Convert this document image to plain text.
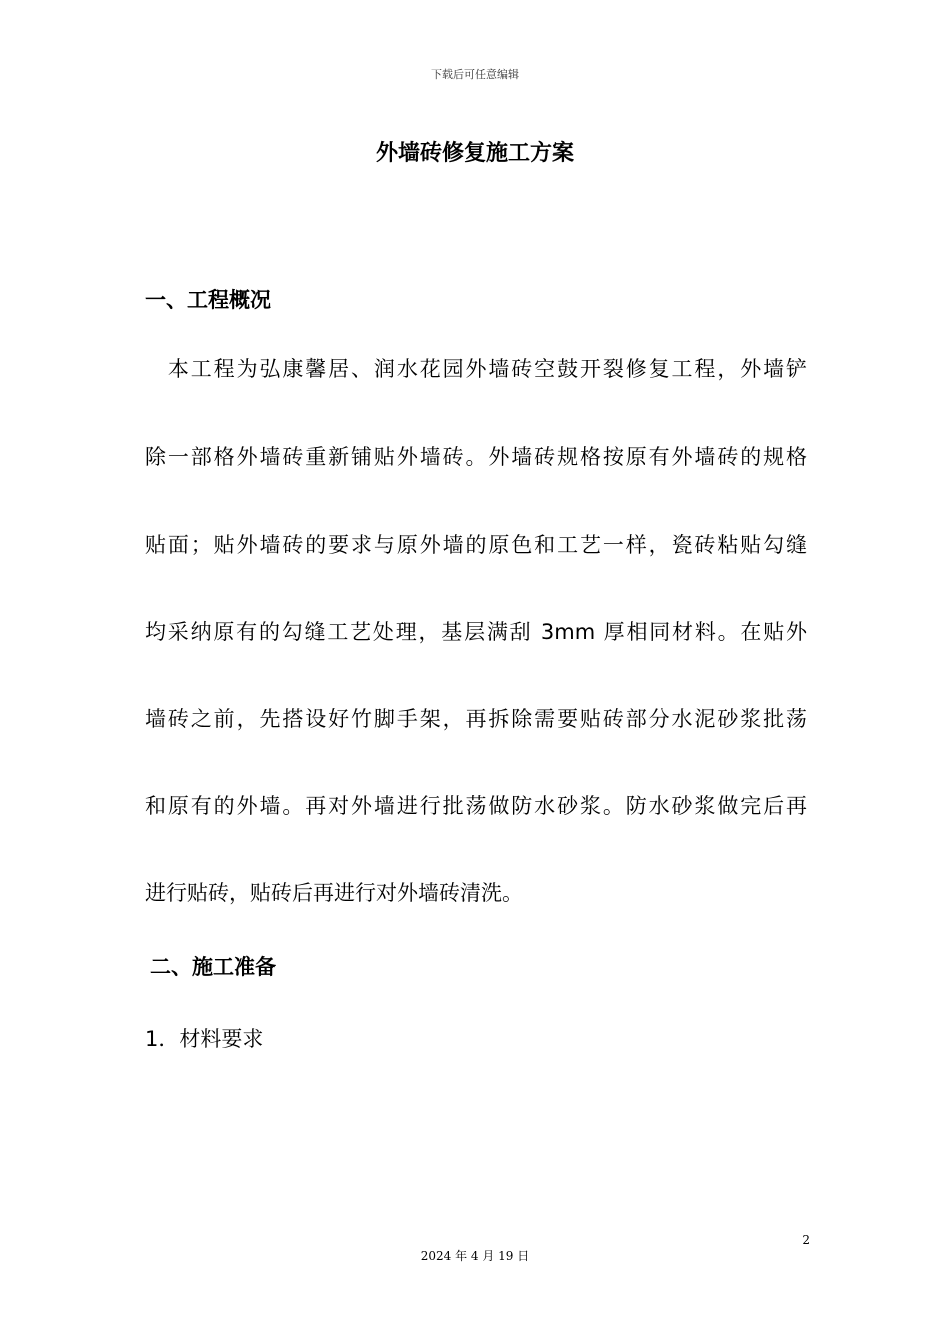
下载后可任意编辑
外墙砖修复施工方案
一、工程概况

　本工程为弘康馨居、润水花园外墙砖空鼓开裂修复工程，外墙铲

除一部格外墙砖重新铺贴外墙砖。外墙砖规格按原有外墙砖的规格

贴面；贴外墙砖的要求与原外墙的原色和工艺一样，瓷砖粘贴勾缝

均采纳原有的勾缝工艺处理，基层满刮 3mm 厚相同材料。在贴外

墙砖之前，先搭设好竹脚手架，再拆除需要贴砖部分水泥砂浆批荡

和原有的外墙。再对外墙进行批荡做防水砂浆。防水砂浆做完后再

进行贴砖，贴砖后再进行对外墙砖清洗。

二、施工准备

1．材料要求

2
2024 年 4 月 19 日
